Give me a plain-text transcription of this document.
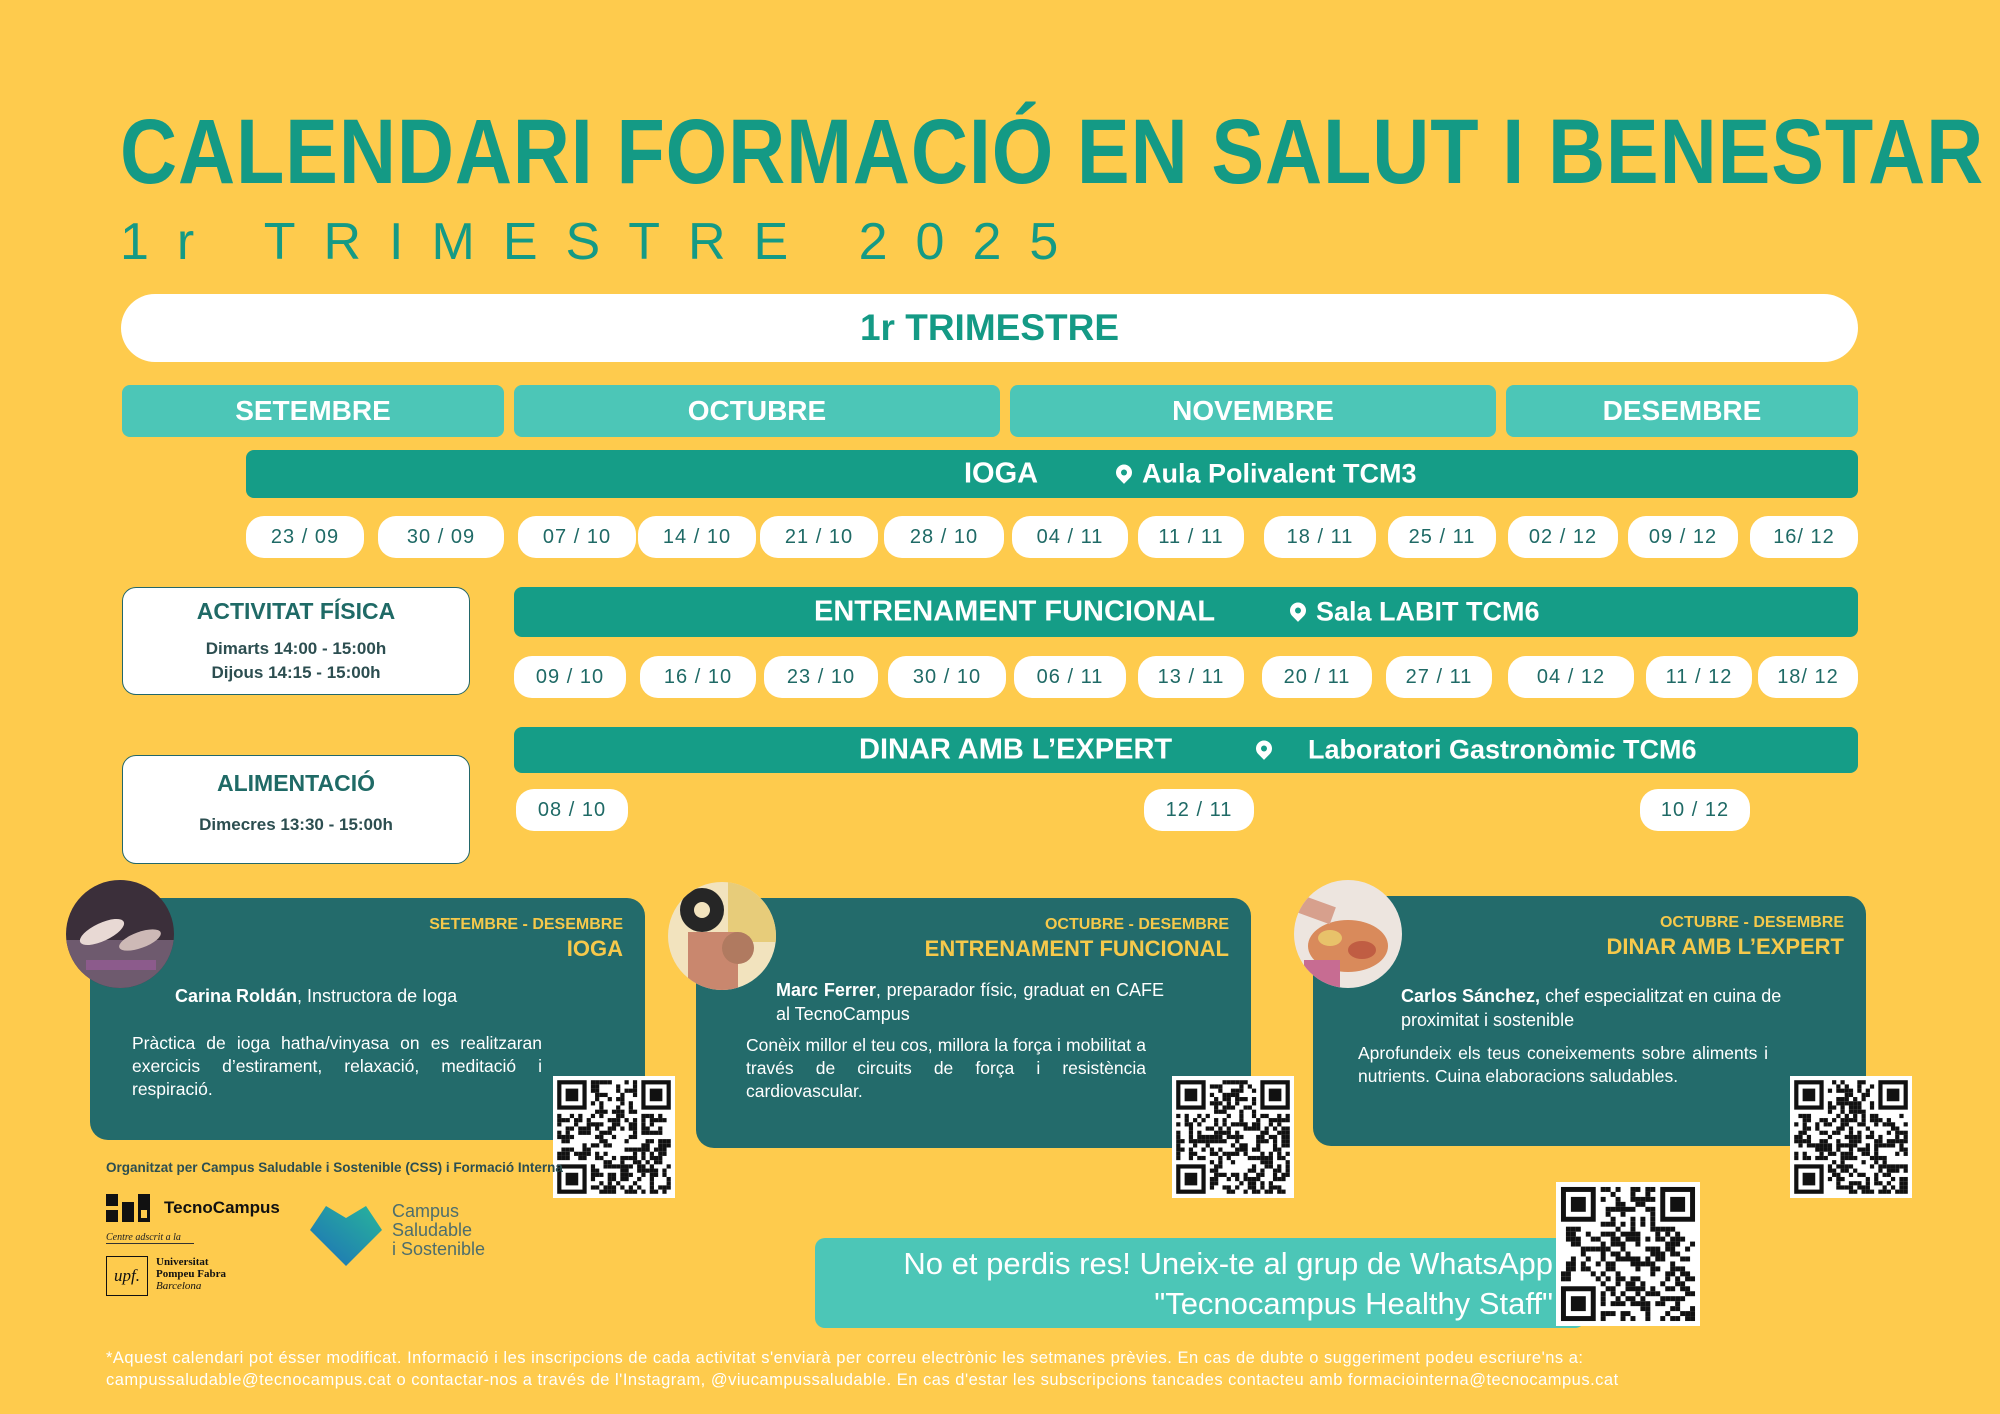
CALENDARI FORMACIÓ EN SALUT I BENESTAR
1r TRIMESTRE 2025
1r TRIMESTRE
SETEMBRE	OCTUBRE	NOVEMBRE	DESEMBRE
IOGA	Aula Polivalent TCM3
23 / 09	30 / 09	07 / 10	14 / 10	21 / 10	28 / 10	04 / 11	11 / 11	18 / 11	25 / 11	02 / 12	09 / 12	16/ 12
ACTIVITAT FÍSICA

Dimarts 14:00 - 15:00h

Dijous 14:15 - 15:00h

ENTRENAMENT FUNCIONAL	Sala LABIT TCM6
09 / 10	16 / 10	23 / 10	30 / 10	06 / 11	13 / 11	20 / 11	27 / 11	04 / 12	11 / 12	18/ 12
ALIMENTACIÓ

Dimecres 13:30 - 15:00h

DINAR AMB L’EXPERT	Laboratori Gastronòmic TCM6
08 / 10	12 / 11	10 / 12
SETEMBRE - DESEMBRE
IOGA
Carina Roldán, Instructora de Ioga
Pràctica de ioga hatha/vinyasa on es realitzaran exercicis d’estirament, relaxació, meditació i respiració.
OCTUBRE - DESEMBRE
ENTRENAMENT FUNCIONAL
Marc Ferrer, preparador físic, graduat en CAFE al TecnoCampus
Conèix millor el teu cos, millora la força i mobilitat a través de circuits de força i resistència cardiovascular.
OCTUBRE - DESEMBRE
DINAR AMB L’EXPERT
Carlos Sánchez, chef especialitzat en cuina de proximitat i sostenible
Aprofundeix els teus coneixements sobre aliments i nutrients. Cuina elaboracions saludables.
Organitzat per Campus Saludable i Sostenible (CSS) i Formació Interna
TecnoCampus
Centre adscrit a la
upf.
Universitat
Pompeu Fabra
Barcelona
Campus
Saludable
i Sostenible	No et perdis res! Uneix-te al grup de WhatsApp
"Tecnocampus Healthy Staff"
*Aquest calendari pot ésser modificat. Informació i les inscripcions de cada activitat s'enviarà per correu electrònic les setmanes prèvies. En cas de dubte o suggeriment podeu escriure'ns a:
campussaludable@tecnocampus.cat o contactar-nos a través de l'Instagram, @viucampussaludable. En cas d'estar les subscripcions tancades contacteu amb formaciointerna@tecnocampus.cat
